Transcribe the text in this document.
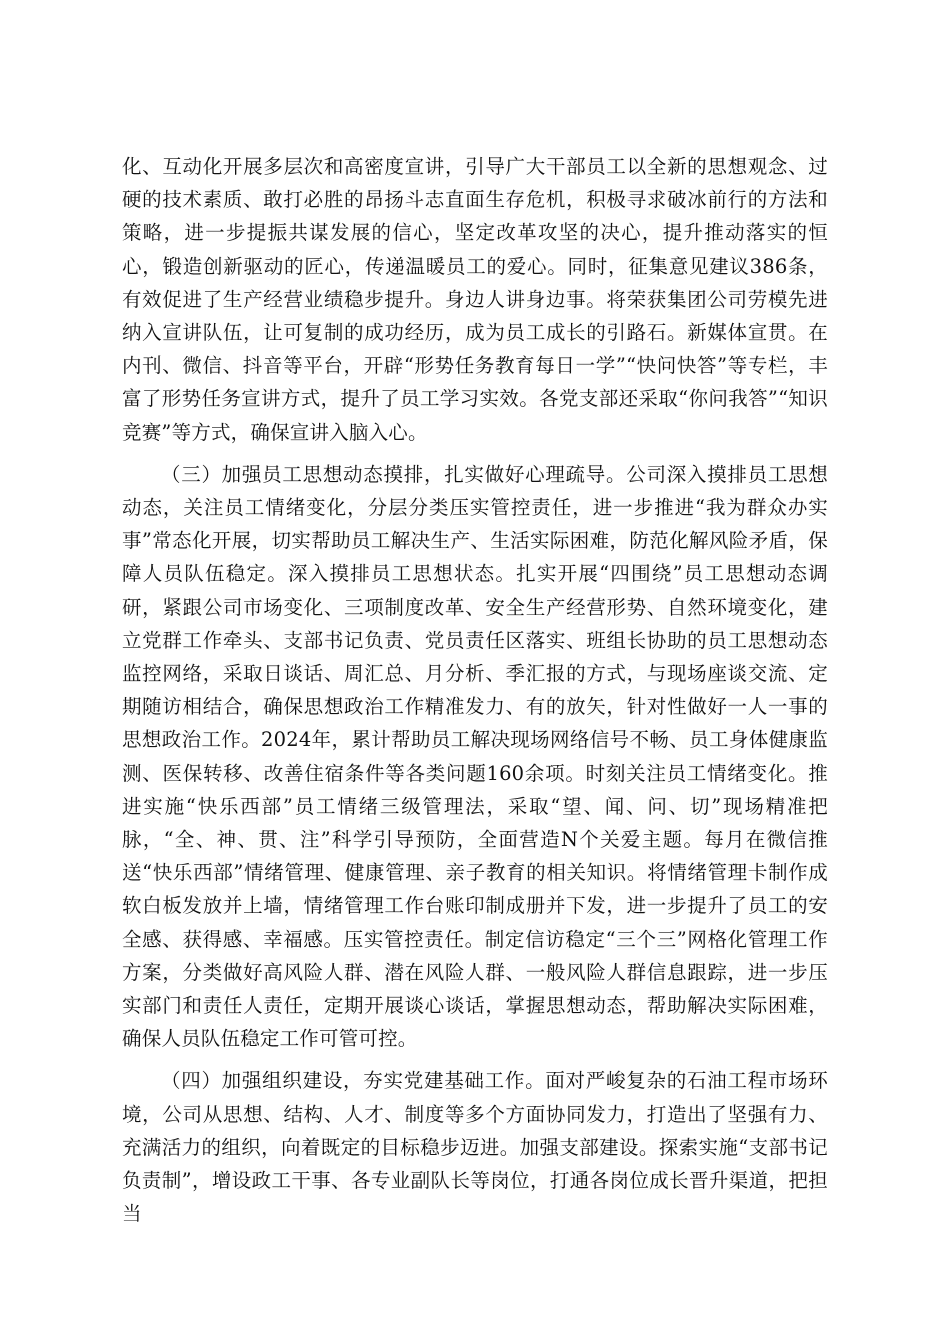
化、互动化开展多层次和高密度宣讲，引导广大干部员工以全新的思想观念、过硬的技术素质、敢打必胜的昂扬斗志直面生存危机，积极寻求破冰前行的方法和策略，进一步提振共谋发展的信心，坚定改革攻坚的决心，提升推动落实的恒心，锻造创新驱动的匠心，传递温暖员工的爱心。同时，征集意见建议386条，有效促进了生产经营业绩稳步提升。身边人讲身边事。将荣获集团公司劳模先进纳入宣讲队伍，让可复制的成功经历，成为员工成长的引路石。新媒体宣贯。在内刊、微信、抖音等平台，开辟“形势任务教育每日一学”“快问快答”等专栏，丰富了形势任务宣讲方式，提升了员工学习实效。各党支部还采取“你问我答”“知识竞赛”等方式，确保宣讲入脑入心。

（三）加强员工思想动态摸排，扎实做好心理疏导。公司深入摸排员工思想动态，关注员工情绪变化，分层分类压实管控责任，进一步推进“我为群众办实事”常态化开展，切实帮助员工解决生产、生活实际困难，防范化解风险矛盾，保障人员队伍稳定。深入摸排员工思想状态。扎实开展“四围绕”员工思想动态调研，紧跟公司市场变化、三项制度改革、安全生产经营形势、自然环境变化，建立党群工作牵头、支部书记负责、党员责任区落实、班组长协助的员工思想动态监控网络，采取日谈话、周汇总、月分析、季汇报的方式，与现场座谈交流、定期随访相结合，确保思想政治工作精准发力、有的放矢，针对性做好一人一事的思想政治工作。2024年，累计帮助员工解决现场网络信号不畅、员工身体健康监测、医保转移、改善住宿条件等各类问题160余项。时刻关注员工情绪变化。推进实施“快乐西部”员工情绪三级管理法，采取“望、闻、问、切”现场精准把脉，“全、神、贯、注”科学引导预防，全面营造N个关爱主题。每月在微信推送“快乐西部”情绪管理、健康管理、亲子教育的相关知识。将情绪管理卡制作成软白板发放并上墙，情绪管理工作台账印制成册并下发，进一步提升了员工的安全感、获得感、幸福感。压实管控责任。制定信访稳定“三个三”网格化管理工作方案，分类做好高风险人群、潜在风险人群、一般风险人群信息跟踪，进一步压实部门和责任人责任，定期开展谈心谈话，掌握思想动态，帮助解决实际困难，确保人员队伍稳定工作可管可控。

（四）加强组织建设，夯实党建基础工作。面对严峻复杂的石油工程市场环境，公司从思想、结构、人才、制度等多个方面协同发力，打造出了坚强有力、充满活力的组织，向着既定的目标稳步迈进。加强支部建设。探索实施“支部书记负责制”，增设政工干事、各专业副队长等岗位，打通各岗位成长晋升渠道，把担当
